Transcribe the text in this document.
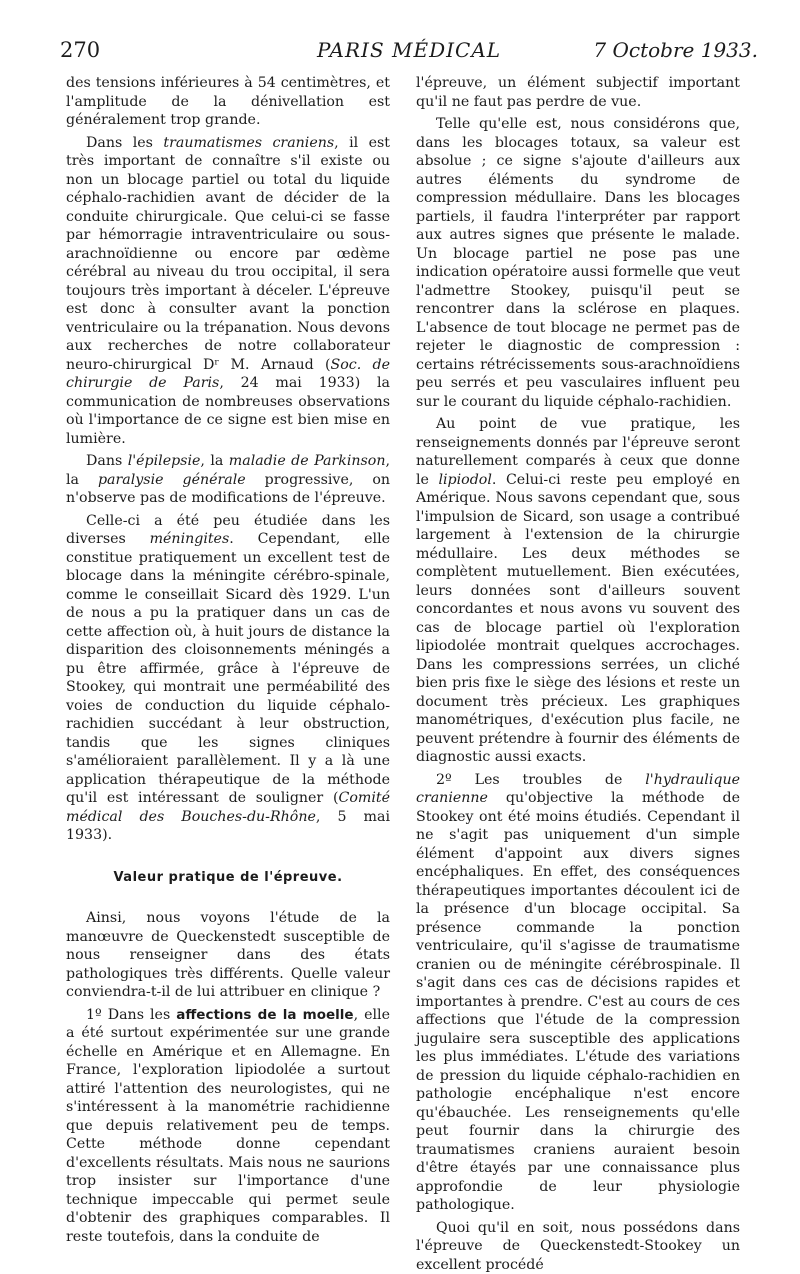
270	PARIS MÉDICAL	7 Octobre 1933.

des tensions inférieures à 54 centimètres, et l'amplitude de la dénivellation est généralement trop grande.

Dans les traumatismes craniens, il est très important de connaître s'il existe ou non un blocage partiel ou total du liquide céphalo-rachidien avant de décider de la conduite chirurgicale. Que celui-ci se fasse par hémorragie intraventriculaire ou sous-arachnoïdienne ou encore par œdème cérébral au niveau du trou occipital, il sera toujours très important à déceler. L'épreuve est donc à consulter avant la ponction ventriculaire ou la trépanation. Nous devons aux recherches de notre collaborateur neuro-chirurgical Dʳ M. Arnaud (Soc. de chirurgie de Paris, 24 mai 1933) la communication de nombreuses observations où l'importance de ce signe est bien mise en lumière.

Dans l'épilepsie, la maladie de Parkinson, la paralysie générale progressive, on n'observe pas de modifications de l'épreuve.

Celle-ci a été peu étudiée dans les diverses méningites. Cependant, elle constitue pratiquement un excellent test de blocage dans la méningite cérébro-spinale, comme le conseillait Sicard dès 1929. L'un de nous a pu la pratiquer dans un cas de cette affection où, à huit jours de distance la disparition des cloisonnements méningés a pu être affirmée, grâce à l'épreuve de Stookey, qui montrait une perméabilité des voies de conduction du liquide céphalo-rachidien succédant à leur obstruction, tandis que les signes cliniques s'amélioraient parallèlement. Il y a là une application thérapeutique de la méthode qu'il est intéressant de souligner (Comité médical des Bouches-du-Rhône, 5 mai 1933).

Valeur pratique de l'épreuve.

Ainsi, nous voyons l'étude de la manœuvre de Queckenstedt susceptible de nous renseigner dans des états pathologiques très différents. Quelle valeur conviendra-t-il de lui attribuer en clinique ?

1º Dans les affections de la moelle, elle a été surtout expérimentée sur une grande échelle en Amérique et en Allemagne. En France, l'exploration lipiodolée a surtout attiré l'attention des neurologistes, qui ne s'intéressent à la manométrie rachidienne que depuis relativement peu de temps. Cette méthode donne cependant d'excellents résultats. Mais nous ne saurions trop insister sur l'importance d'une technique impeccable qui permet seule d'obtenir des graphiques comparables. Il reste toutefois, dans la conduite de

l'épreuve, un élément subjectif important qu'il ne faut pas perdre de vue.

Telle qu'elle est, nous considérons que, dans les blocages totaux, sa valeur est absolue ; ce signe s'ajoute d'ailleurs aux autres éléments du syndrome de compression médullaire. Dans les blocages partiels, il faudra l'interpréter par rapport aux autres signes que présente le malade. Un blocage partiel ne pose pas une indication opératoire aussi formelle que veut l'admettre Stookey, puisqu'il peut se rencontrer dans la sclérose en plaques. L'absence de tout blocage ne permet pas de rejeter le diagnostic de compression : certains rétrécissements sous-arachnoïdiens peu serrés et peu vasculaires influent peu sur le courant du liquide céphalo-rachidien.

Au point de vue pratique, les renseignements donnés par l'épreuve seront naturellement comparés à ceux que donne le lipiodol. Celui-ci reste peu employé en Amérique. Nous savons cependant que, sous l'impulsion de Sicard, son usage a contribué largement à l'extension de la chirurgie médullaire. Les deux méthodes se complètent mutuellement. Bien exécutées, leurs données sont d'ailleurs souvent concordantes et nous avons vu souvent des cas de blocage partiel où l'exploration lipiodolée montrait quelques accrochages. Dans les compressions serrées, un cliché bien pris fixe le siège des lésions et reste un document très précieux. Les graphiques manométriques, d'exécution plus facile, ne peuvent prétendre à fournir des éléments de diagnostic aussi exacts.

2º Les troubles de l'hydraulique cranienne qu'objective la méthode de Stookey ont été moins étudiés. Cependant il ne s'agit pas uniquement d'un simple élément d'appoint aux divers signes encéphaliques. En effet, des conséquences thérapeutiques importantes découlent ici de la présence d'un blocage occipital. Sa présence commande la ponction ventriculaire, qu'il s'agisse de traumatisme cranien ou de méningite cérébrospinale. Il s'agit dans ces cas de décisions rapides et importantes à prendre. C'est au cours de ces affections que l'étude de la compression jugulaire sera susceptible des applications les plus immédiates. L'étude des variations de pression du liquide céphalo-rachidien en pathologie encéphalique n'est encore qu'ébauchée. Les renseignements qu'elle peut fournir dans la chirurgie des traumatismes craniens auraient besoin d'être étayés par une connaissance plus approfondie de leur physiologie pathologique.

Quoi qu'il en soit, nous possédons dans l'épreuve de Queckenstedt-Stookey un excellent procédé
